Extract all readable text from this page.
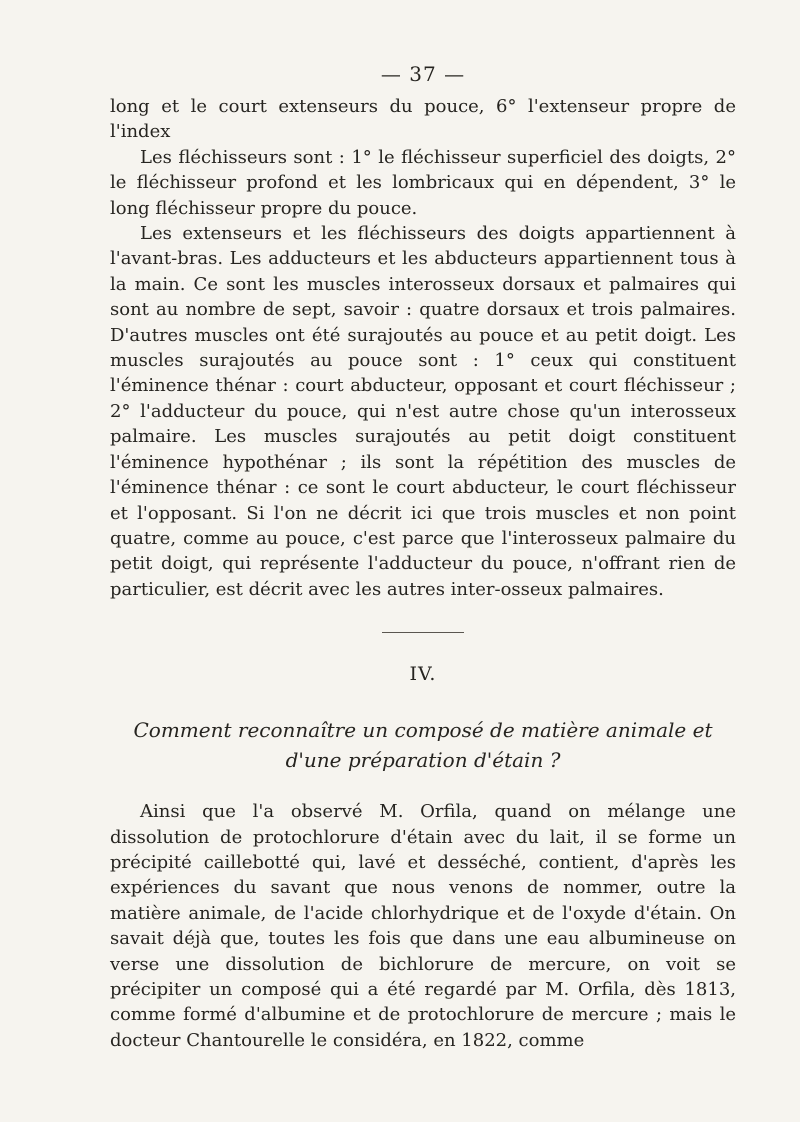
— 37 —

long et le court extenseurs du pouce, 6° l'extenseur propre de l'index

Les fléchisseurs sont : 1° le fléchisseur superficiel des doigts, 2° le fléchisseur profond et les lombricaux qui en dépendent, 3° le long fléchisseur propre du pouce.

Les extenseurs et les fléchisseurs des doigts appartiennent à l'avant-bras. Les adducteurs et les abducteurs appartiennent tous à la main. Ce sont les muscles interosseux dorsaux et palmaires qui sont au nombre de sept, savoir : quatre dorsaux et trois palmaires. D'autres muscles ont été surajoutés au pouce et au petit doigt. Les muscles surajoutés au pouce sont : 1° ceux qui constituent l'éminence thénar : court abducteur, opposant et court fléchisseur ; 2° l'adducteur du pouce, qui n'est autre chose qu'un interosseux palmaire. Les muscles surajoutés au petit doigt constituent l'éminence hypothénar ; ils sont la répétition des muscles de l'éminence thénar : ce sont le court abducteur, le court fléchisseur et l'opposant. Si l'on ne décrit ici que trois muscles et non point quatre, comme au pouce, c'est parce que l'interosseux palmaire du petit doigt, qui représente l'adducteur du pouce, n'offrant rien de particulier, est décrit avec les autres inter-osseux palmaires.

IV.

Comment reconnaître un composé de matière animale et d'une préparation d'étain ?

Ainsi que l'a observé M. Orfila, quand on mélange une dissolution de protochlorure d'étain avec du lait, il se forme un précipité caillebotté qui, lavé et desséché, contient, d'après les expériences du savant que nous venons de nommer, outre la matière animale, de l'acide chlorhydrique et de l'oxyde d'étain. On savait déjà que, toutes les fois que dans une eau albumineuse on verse une dissolution de bichlorure de mercure, on voit se précipiter un composé qui a été regardé par M. Orfila, dès 1813, comme formé d'albumine et de protochlorure de mercure ; mais le docteur Chantourelle le considéra, en 1822, comme
